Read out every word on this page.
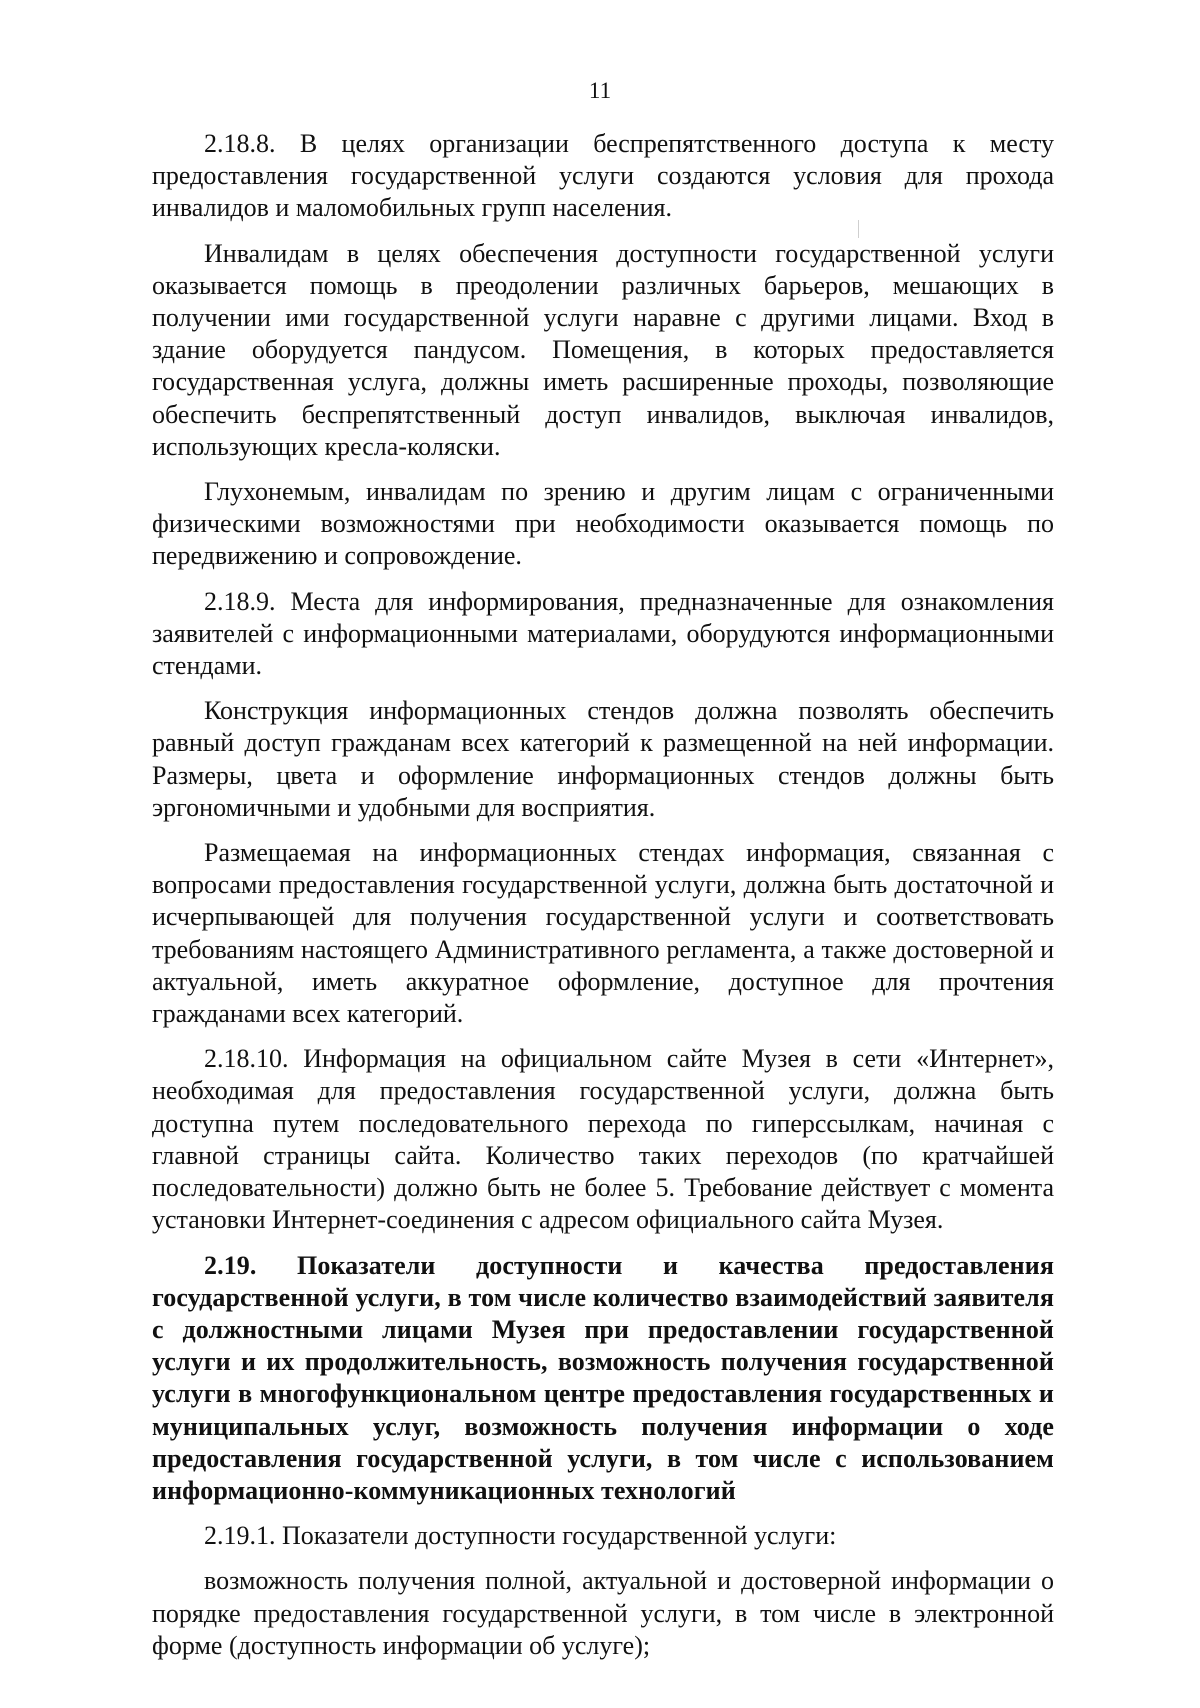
11

2.18.8. В целях организации беспрепятственного доступа к месту предоставления государственной услуги создаются условия для прохода инвалидов и маломобильных групп населения.

Инвалидам в целях обеспечения доступности государственной услуги оказывается помощь в преодолении различных барьеров, мешающих в получении ими государственной услуги наравне с другими лицами. Вход в здание оборудуется пандусом. Помещения, в которых предоставляется государственная услуга, должны иметь расширенные проходы, позволяющие обеспечить беспрепятственный доступ инвалидов, выключая инвалидов, использующих кресла-коляски.

Глухонемым, инвалидам по зрению и другим лицам с ограниченными физическими возможностями при необходимости оказывается помощь по передвижению и сопровождение.

2.18.9. Места для информирования, предназначенные для ознакомления заявителей с информационными материалами, оборудуются информационными стендами.

Конструкция информационных стендов должна позволять обеспечить равный доступ гражданам всех категорий к размещенной на ней информации. Размеры, цвета и оформление информационных стендов должны быть эргономичными и удобными для восприятия.

Размещаемая на информационных стендах информация, связанная с вопросами предоставления государственной услуги, должна быть достаточной и исчерпывающей для получения государственной услуги и соответствовать требованиям настоящего Административного регламента, а также достоверной и актуальной, иметь аккуратное оформление, доступное для прочтения гражданами всех категорий.

2.18.10. Информация на официальном сайте Музея в сети «Интернет», необходимая для предоставления государственной услуги, должна быть доступна путем последовательного перехода по гиперссылкам, начиная с главной страницы сайта. Количество таких переходов (по кратчайшей последовательности) должно быть не более 5. Требование действует с момента установки Интернет-соединения с адресом официального сайта Музея.

2.19. Показатели доступности и качества предоставления государственной услуги, в том числе количество взаимодействий заявителя с должностными лицами Музея при предоставлении государственной услуги и их продолжительность, возможность получения государственной услуги в многофункциональном центре предоставления государственных и муниципальных услуг, возможность получения информации о ходе предоставления государственной услуги, в том числе с использованием информационно-коммуникационных технологий

2.19.1. Показатели доступности государственной услуги:

возможность получения полной, актуальной и достоверной информации о порядке предоставления государственной услуги, в том числе в электронной форме (доступность информации об услуге);
